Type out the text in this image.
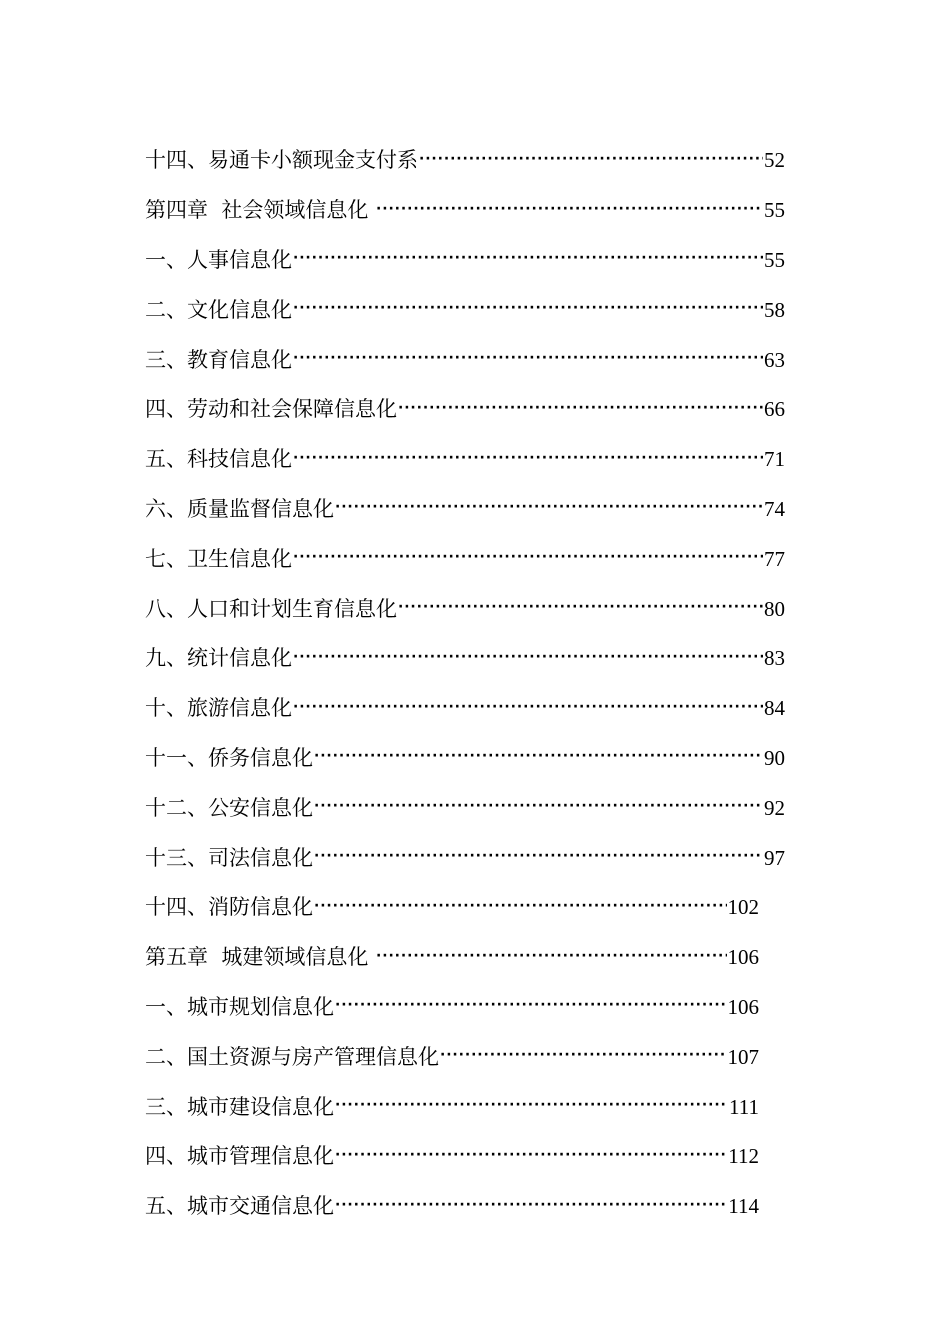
十四、易通卡小额现金支付系 ·····	52
第四章  社会领域信息化 ·····	55
一、人事信息化 ·····	55
二、文化信息化 ·····	58
三、教育信息化 ·····	63
四、劳动和社会保障信息化 ·····	66
五、科技信息化 ·····	71
六、质量监督信息化 ·····	74
七、卫生信息化 ·····	77
八、人口和计划生育信息化 ·····	80
九、统计信息化 ·····	83
十、旅游信息化 ·····	84
十一、侨务信息化 ·····	90
十二、公安信息化 ·····	92
十三、司法信息化 ·····	97
十四、消防信息化 ·····	102
第五章  城建领域信息化 ·····	106
一、城市规划信息化 ·····	106
二、国土资源与房产管理信息化 ·····	107
三、城市建设信息化 ·····	111
四、城市管理信息化 ·····	112
五、城市交通信息化 ·····	114
